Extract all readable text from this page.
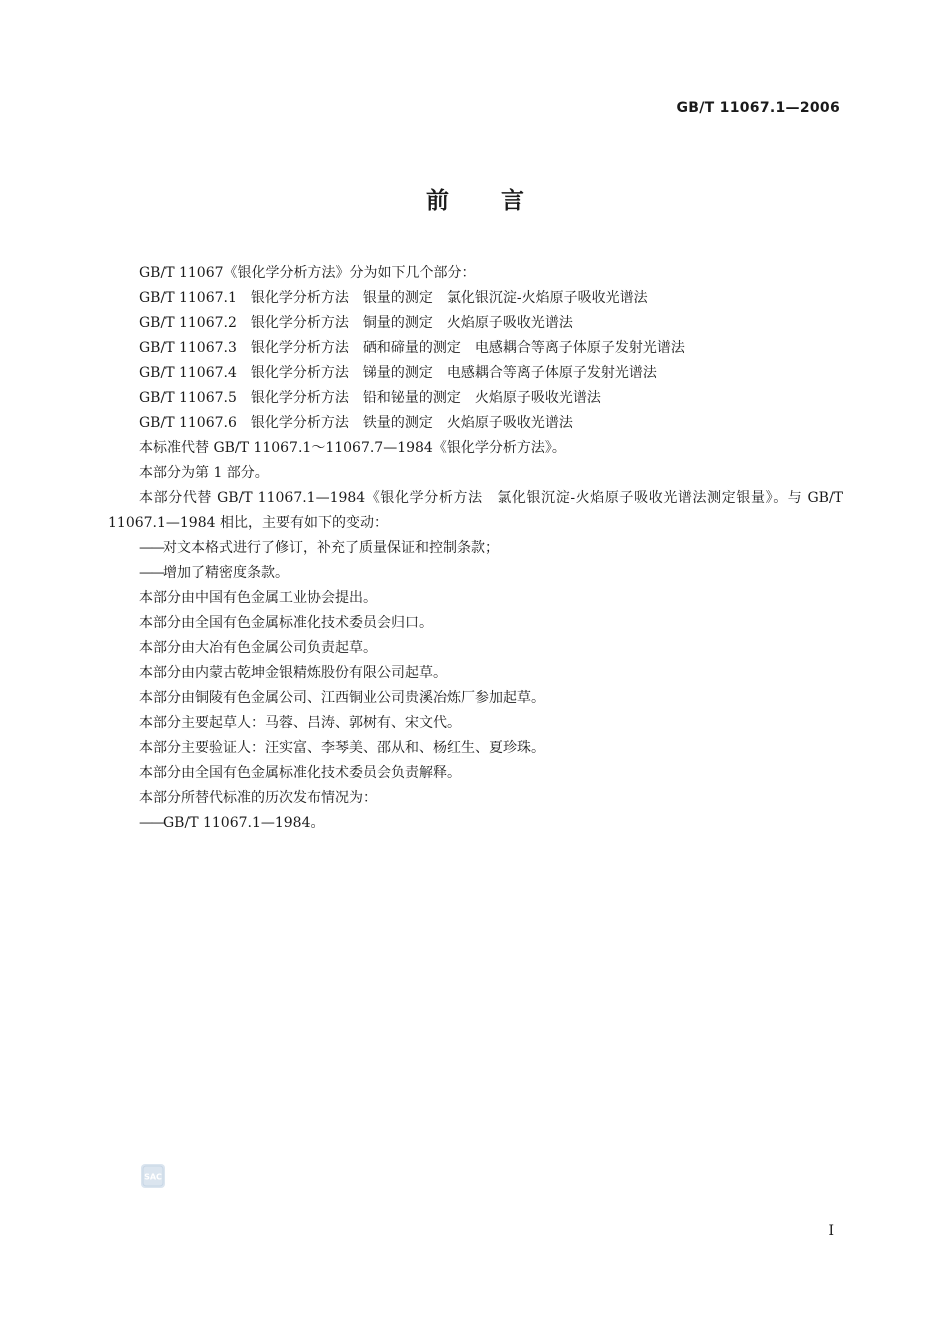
GB/T 11067.1—2006
前言
GB/T 11067《银化学分析方法》分为如下几个部分：
GB/T 11067.1 银化学分析方法 银量的测定 氯化银沉淀-火焰原子吸收光谱法
GB/T 11067.2 银化学分析方法 铜量的测定 火焰原子吸收光谱法
GB/T 11067.3 银化学分析方法 硒和碲量的测定 电感耦合等离子体原子发射光谱法
GB/T 11067.4 银化学分析方法 锑量的测定 电感耦合等离子体原子发射光谱法
GB/T 11067.5 银化学分析方法 铅和铋量的测定 火焰原子吸收光谱法
GB/T 11067.6 银化学分析方法 铁量的测定 火焰原子吸收光谱法
本标准代替 GB/T 11067.1～11067.7—1984《银化学分析方法》。
本部分为第 1 部分。
本部分代替 GB/T 11067.1—1984《银化学分析方法　氯化银沉淀-火焰原子吸收光谱法测定银量》。与 GB/T 11067.1—1984 相比，主要有如下的变动：
——对文本格式进行了修订，补充了质量保证和控制条款；
——增加了精密度条款。
本部分由中国有色金属工业协会提出。
本部分由全国有色金属标准化技术委员会归口。
本部分由大冶有色金属公司负责起草。
本部分由内蒙古乾坤金银精炼股份有限公司起草。
本部分由铜陵有色金属公司、江西铜业公司贵溪冶炼厂参加起草。
本部分主要起草人：马蓉、吕涛、郭树有、宋文代。
本部分主要验证人：汪实富、李琴美、邵从和、杨红生、夏珍珠。
本部分由全国有色金属标准化技术委员会负责解释。
本部分所替代标准的历次发布情况为：
——GB/T 11067.1—1984。
SAC
I
